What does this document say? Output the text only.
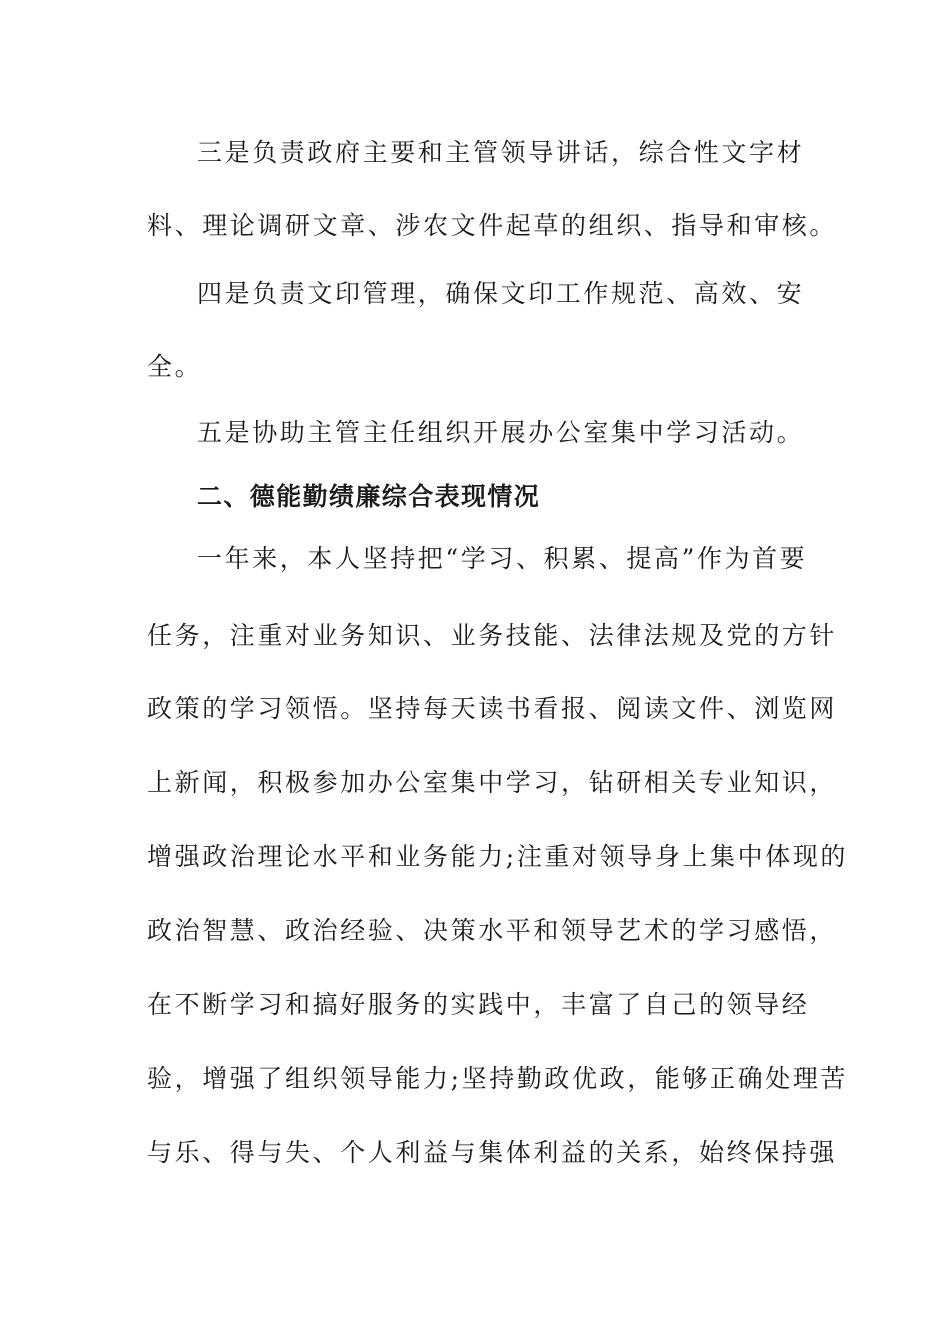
三是负责政府主要和主管领导讲话，综合性文字材
料、理论调研文章、涉农文件起草的组织、指导和审核。
四是负责文印管理，确保文印工作规范、高效、安
全。
五是协助主管主任组织开展办公室集中学习活动。
二、德能勤绩廉综合表现情况
一年来，本人坚持把“学习、积累、提高”作为首要
任务，注重对业务知识、业务技能、法律法规及党的方针
政策的学习领悟。坚持每天读书看报、阅读文件、浏览网
上新闻，积极参加办公室集中学习，钻研相关专业知识，
增强政治理论水平和业务能力;注重对领导身上集中体现的
政治智慧、政治经验、决策水平和领导艺术的学习感悟，
在不断学习和搞好服务的实践中，丰富了自己的领导经
验，增强了组织领导能力;坚持勤政优政，能够正确处理苦
与乐、得与失、个人利益与集体利益的关系，始终保持强
